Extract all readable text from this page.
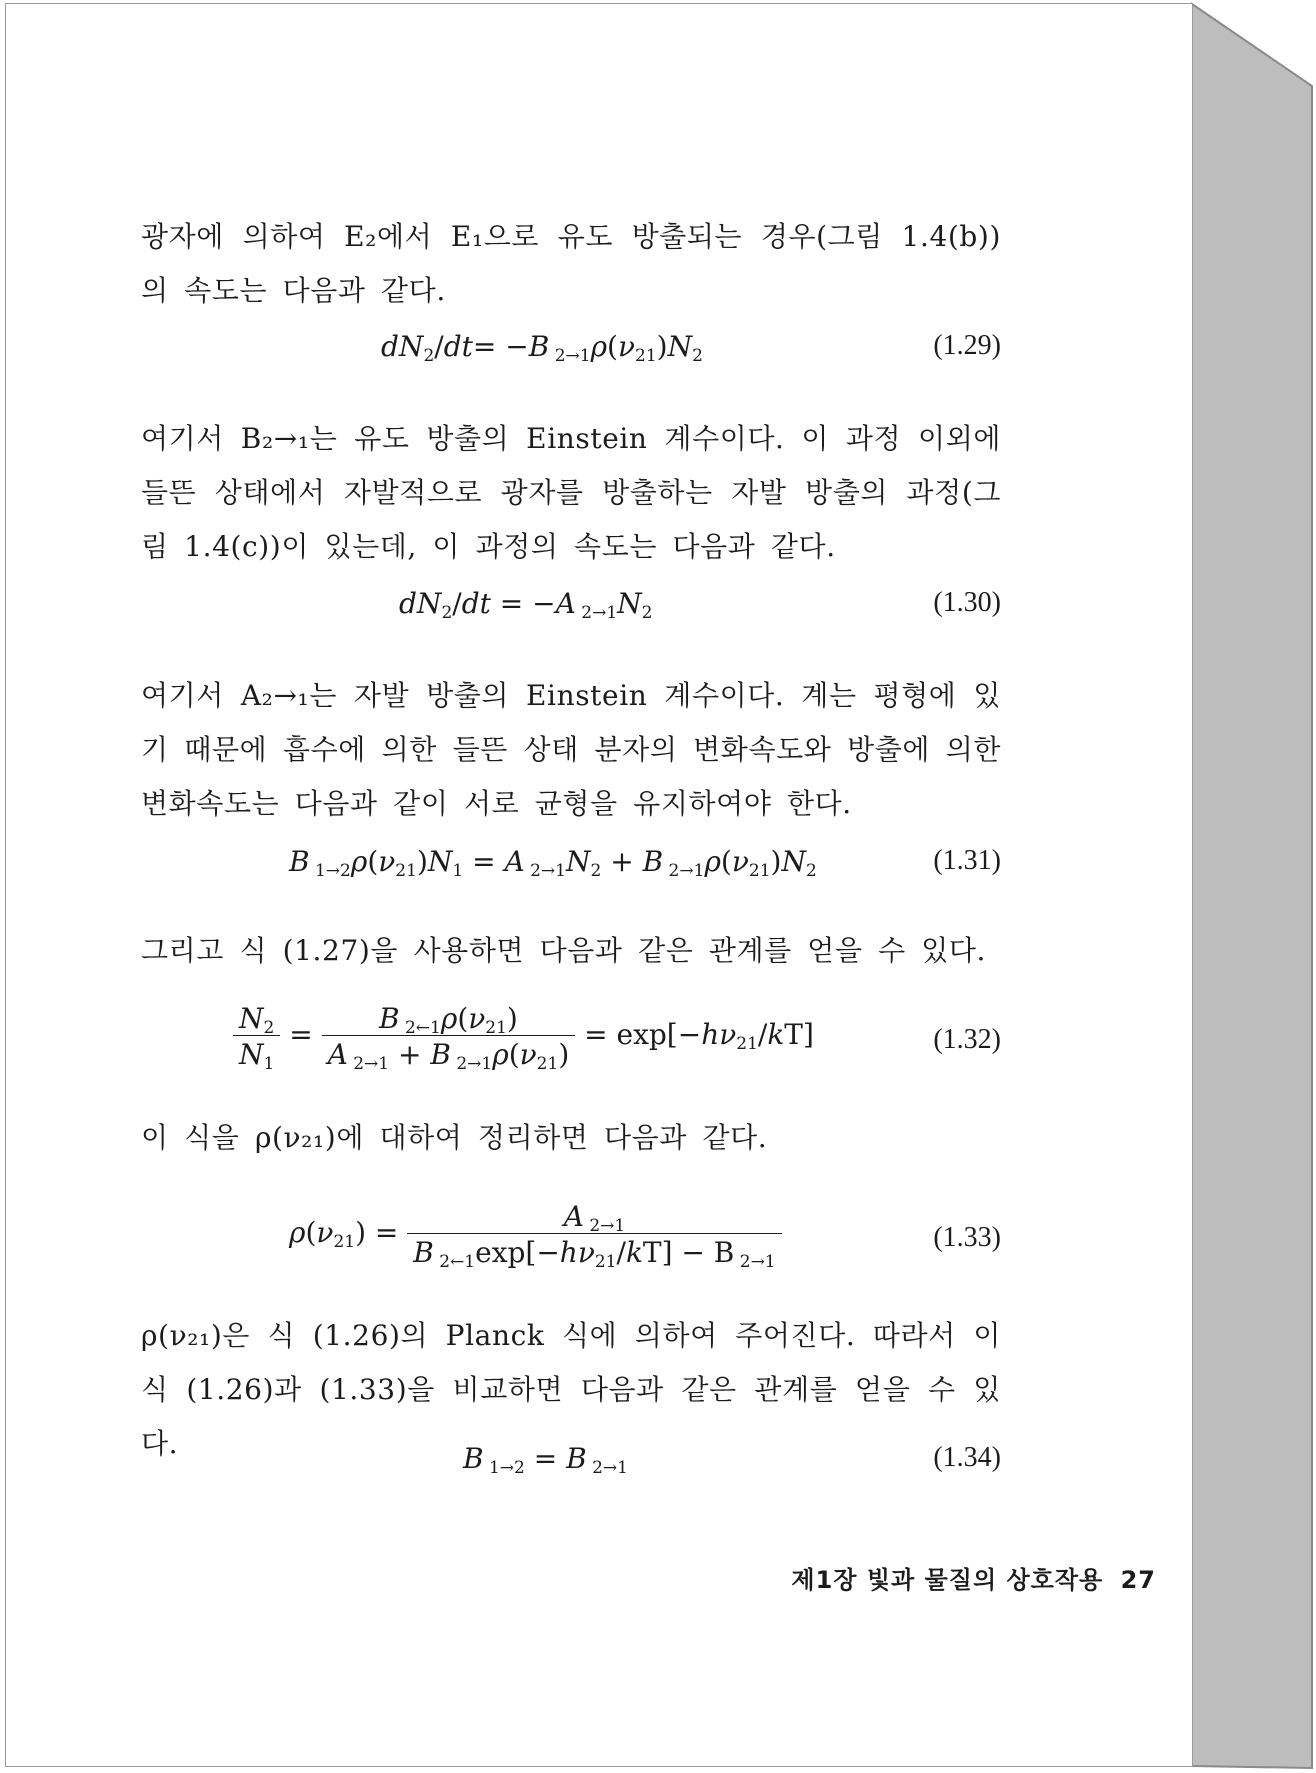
광자에 의하여 E₂에서 E₁으로 유도 방출되는 경우(그림 1.4(b))의 속도는 다음과 같다.
$dN_2/dt= -B$ $_{2\to 1}\rho(\nu_{21})N_2$	(1.29)
여기서 B₂→₁는 유도 방출의 Einstein 계수이다. 이 과정 이외에 들뜬 상태에서 자발적으로 광자를 방출하는 자발 방출의 과정(그림 1.4(c))이 있는데, 이 과정의 속도는 다음과 같다.
$dN_2/dt = -A$ $_{2\to 1}N_2$	(1.30)
여기서 A₂→₁는 자발 방출의 Einstein 계수이다. 계는 평형에 있기 때문에 흡수에 의한 들뜬 상태 분자의 변화속도와 방출에 의한 변화속도는 다음과 같이 서로 균형을 유지하여야 한다.
B $_{1\to 2}\rho(\nu_{21})N_1 = A$ $_{2\to 1}N_2 + B$ $_{2\to 1}\rho(\nu_{21})N_2$	(1.31)
그리고 식 (1.27)을 사용하면 다음과 같은 관계를 얻을 수 있다.
$\frac{N_2}{N_1} = \frac{B _{2\leftarrow 1}\rho(\nu_{21})}{A _{2\to 1} + B _{2\to 1}\rho(\nu_{21})} = \exp[-h\nu_{21}/kT]$	(1.32)
이 식을 ρ(ν₂₁)에 대하여 정리하면 다음과 같다.
$\rho(\nu_{21}) = \frac{A _{2\to 1}}{B _{2\leftarrow 1}\exp[-h\nu_{21}/kT] - B _{2\to 1}}$	(1.33)
ρ(ν₂₁)은 식 (1.26)의 Planck 식에 의하여 주어진다. 따라서 이 식 (1.26)과 (1.33)을 비교하면 다음과 같은 관계를 얻을 수 있다.	B $_{1\to 2}$ = B $_{2\to 1}$	(1.34)
제1장 빛과 물질의 상호작용 27
